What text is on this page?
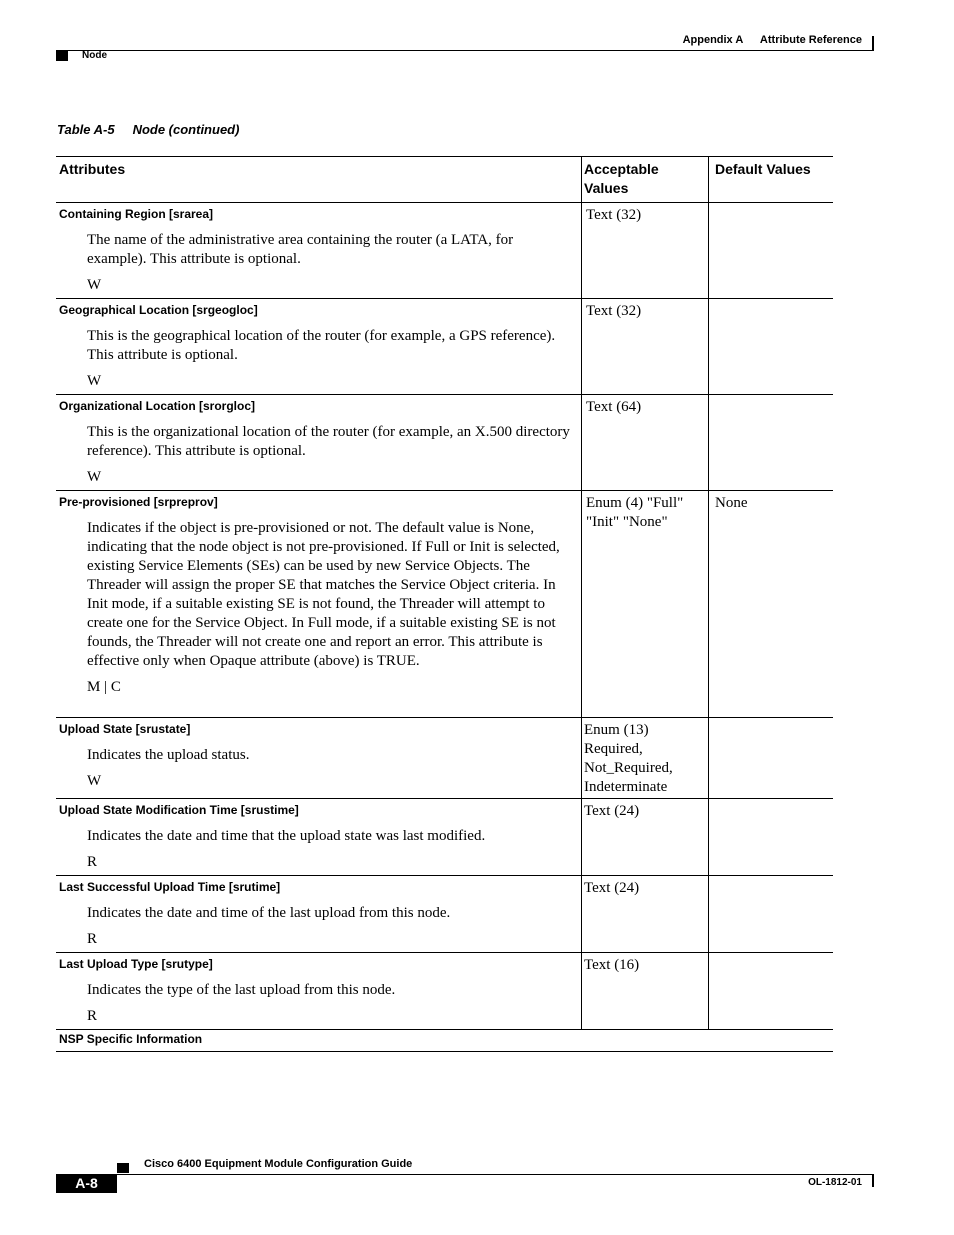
Appendix A Attribute Reference
Node
Table A-5 Node (continued)
Attributes	Acceptable Values
Default Values
Containing Region [srarea]
The name of the administrative area containing the router (a LATA, for example). This attribute is optional.
W
Text (32)
Geographical Location [srgeogloc]
This is the geographical location of the router (for example, a GPS reference). This attribute is optional.
W
Text (32)
Organizational Location [srorgloc]
This is the organizational location of the router (for example, an X.500 directory reference). This attribute is optional.
W
Text (64)
Pre-provisioned [srpreprov]
Indicates if the object is pre-provisioned or not. The default value is None, indicating that the node object is not pre-provisioned. If Full or Init is selected, existing Service Elements (SEs) can be used by new Service Objects. The Threader will assign the proper SE that matches the Service Object criteria. In Init mode, if a suitable existing SE is not found, the Threader will attempt to create one for the Service Object. In Full mode, if a suitable existing SE is not founds, the Threader will not create one and report an error. This attribute is effective only when Opaque attribute (above) is TRUE.
M | C
Enum (4) "Full" "Init" "None"
None
Upload State [srustate]
Indicates the upload status.
W
Enum (13) Required, Not_Required, Indeterminate
Upload State Modification Time [srustime]
Indicates the date and time that the upload state was last modified.
R
Text (24)
Last Successful Upload Time [srutime]
Indicates the date and time of the last upload from this node.
R
Text (24)
Last Upload Type [srutype]
Indicates the type of the last upload from this node.
R
Text (16)
NSP Specific Information
Cisco 6400 Equipment Module Configuration Guide
A-8	OL-1812-01
